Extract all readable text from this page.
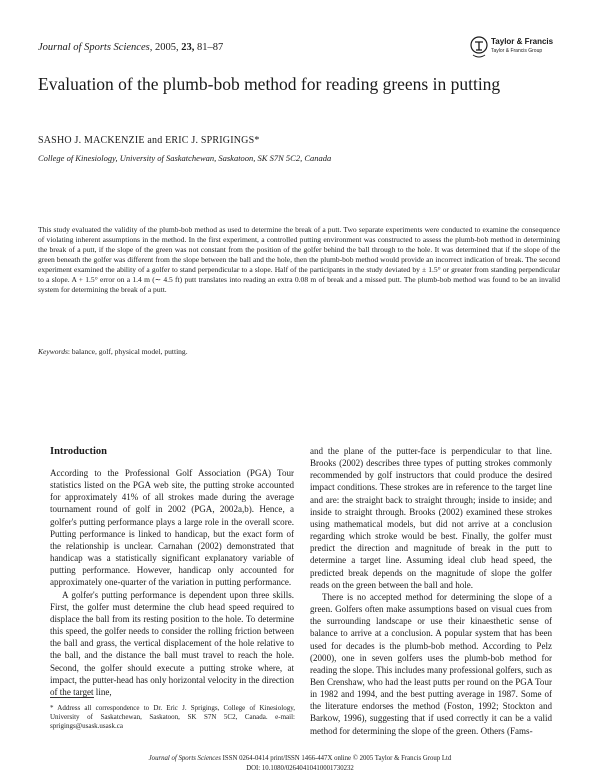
Journal of Sports Sciences, 2005, 23, 81–87
Taylor & Francis
Taylor & Francis Group
Evaluation of the plumb-bob method for reading greens in putting
SASHO J. MACKENZIE and ERIC J. SPRIGINGS*
College of Kinesiology, University of Saskatchewan, Saskatoon, SK S7N 5C2, Canada

This study evaluated the validity of the plumb-bob method as used to determine the break of a putt. Two separate experiments were conducted to examine the consequence of violating inherent assumptions in the method. In the first experiment, a controlled putting environment was constructed to assess the plumb-bob method in determining the break of a putt, if the slope of the green was not constant from the position of the golfer behind the ball through to the hole. It was determined that if the slope of the green beneath the golfer was different from the slope between the ball and the hole, then the plumb-bob method would provide an incorrect indication of break. The second experiment examined the ability of a golfer to stand perpendicular to a slope. Half of the participants in the study deviated by ± 1.5° or greater from standing perpendicular to a slope. A + 1.5° error on a 1.4 m (∼ 4.5 ft) putt translates into reading an extra 0.08 m of break and a missed putt. The plumb-bob method was found to be an invalid system for determining the break of a putt.

Keywords: balance, golf, physical model, putting.
Introduction

According to the Professional Golf Association (PGA) Tour statistics listed on the PGA web site, the putting stroke accounted for approximately 41% of all strokes made during the average tournament round of golf in 2002 (PGA, 2002a,b). Hence, a golfer's putting performance plays a large role in the overall score. Putting performance is linked to handicap, but the exact form of the relationship is unclear. Carnahan (2002) demonstrated that handicap was a statistically significant explanatory variable of putting performance. However, handicap only accounted for approximately one-quarter of the variation in putting performance.

A golfer's putting performance is dependent upon three skills. First, the golfer must determine the club head speed required to displace the ball from its resting position to the hole. To determine this speed, the golfer needs to consider the rolling friction between the ball and grass, the vertical displacement of the hole relative to the ball, and the distance the ball must travel to reach the hole. Second, the golfer should execute a putting stroke where, at impact, the putter-head has only horizontal velocity in the direction of the target line,

and the plane of the putter-face is perpendicular to that line. Brooks (2002) describes three types of putting strokes commonly recommended by golf instructors that could produce the desired impact conditions. These strokes are in reference to the target line and are: the straight back to straight through; inside to inside; and inside to straight through. Brooks (2002) examined these strokes using mathematical models, but did not arrive at a conclusion regarding which stroke would be best. Finally, the golfer must predict the direction and magnitude of break in the putt to determine a target line. Assuming ideal club head speed, the predicted break depends on the magnitude of slope the golfer reads on the green between the ball and hole.

There is no accepted method for determining the slope of a green. Golfers often make assumptions based on visual cues from the surrounding landscape or use their kinaesthetic sense of balance to arrive at a conclusion. A popular system that has been used for decades is the plumb-bob method. According to Pelz (2000), one in seven golfers uses the plumb-bob method for reading the slope. This includes many professional golfers, such as Ben Crenshaw, who had the least putts per round on the PGA Tour in 1982 and 1994, and the best putting average in 1987. Some of the literature endorses the method (Foston, 1992; Stockton and Barkow, 1996), suggesting that if used correctly it can be a valid method for determining the slope of the green. Others (Fams-

* Address all correspondence to Dr. Eric J. Sprigings, College of Kinesiology, University of Saskatchewan, Saskatoon, SK S7N 5C2, Canada. e-mail: sprigings@usask.usask.ca
Journal of Sports Sciences ISSN 0264-0414 print/ISSN 1466-447X online © 2005 Taylor & Francis Group Ltd
DOI: 10.1080/02640410410001730232
